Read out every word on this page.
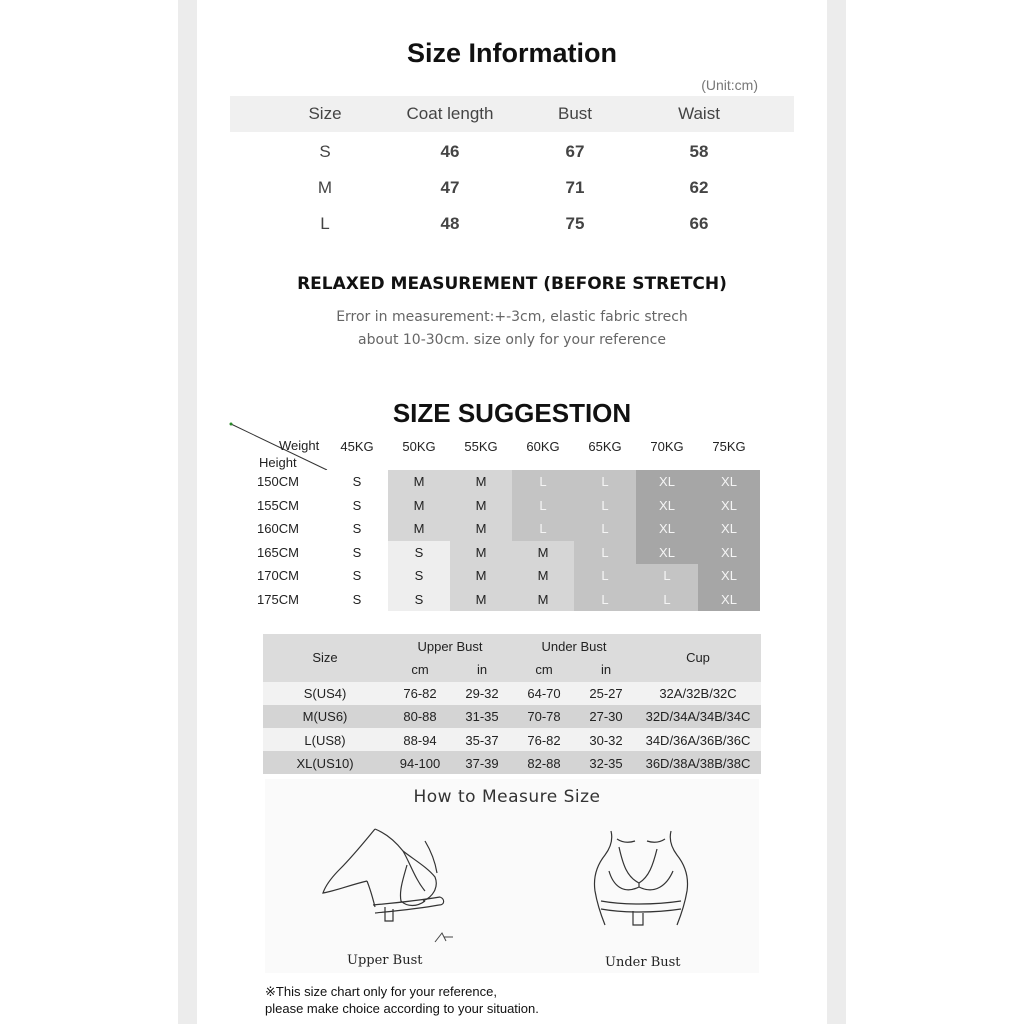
Size Information
(Unit:cm)
Size	Coat length	Bust	Waist
S	46	67	58
M	47	71	62
L	48	75	66
RELAXED MEASUREMENT (BEFORE STRETCH)
Error in measurement:+-3cm, elastic fabric strech
about 10-30cm. size only for your reference
SIZE SUGGESTION
Weight
Height
45KG	50KG	55KG	60KG	65KG	70KG	75KG
150CM	S	M	M	L	L	XL	XL
155CM	S	M	M	L	L	XL	XL
160CM	S	M	M	L	L	XL	XL
165CM	S	S	M	M	L	XL	XL
170CM	S	S	M	M	L	L	XL
175CM	S	S	M	M	L	L	XL
Size
Upper Bust	Under Bust
Cup
cm	in	cm	in
S(US4)	76-82	29-32	64-70	25-27	32A/32B/32C
M(US6)	80-88	31-35	70-78	27-30	32D/34A/34B/34C
L(US8)	88-94	35-37	76-82	30-32	34D/36A/36B/36C
XL(US10)	94-100	37-39	82-88	32-35	36D/38A/38B/38C
How to Measure Size
Upper Bust	Under Bust
※This size chart only for your reference,
please make choice according to your situation.
